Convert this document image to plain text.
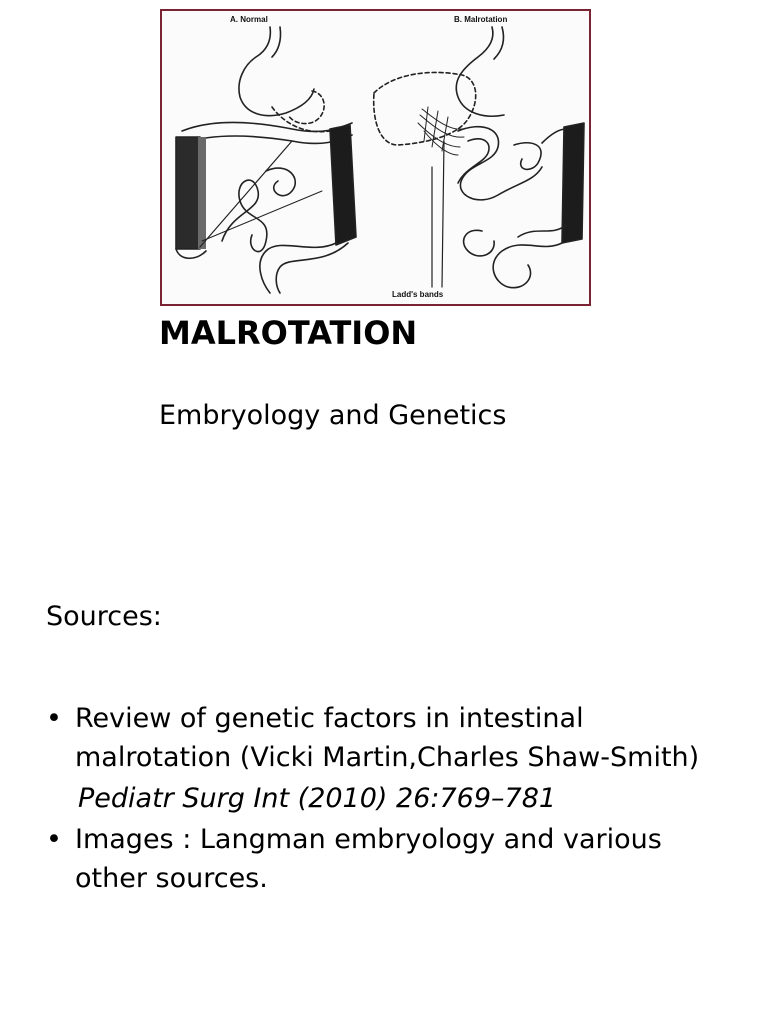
A. Normal	B. Malrotation
Ladd's bands
MALROTATION
Embryology and Genetics
Sources:
• Review of genetic factors in intestinal
malrotation (Vicki Martin,Charles Shaw-Smith)
Pediatr Surg Int (2010) 26:769–781
• Images : Langman embryology and various
other sources.
